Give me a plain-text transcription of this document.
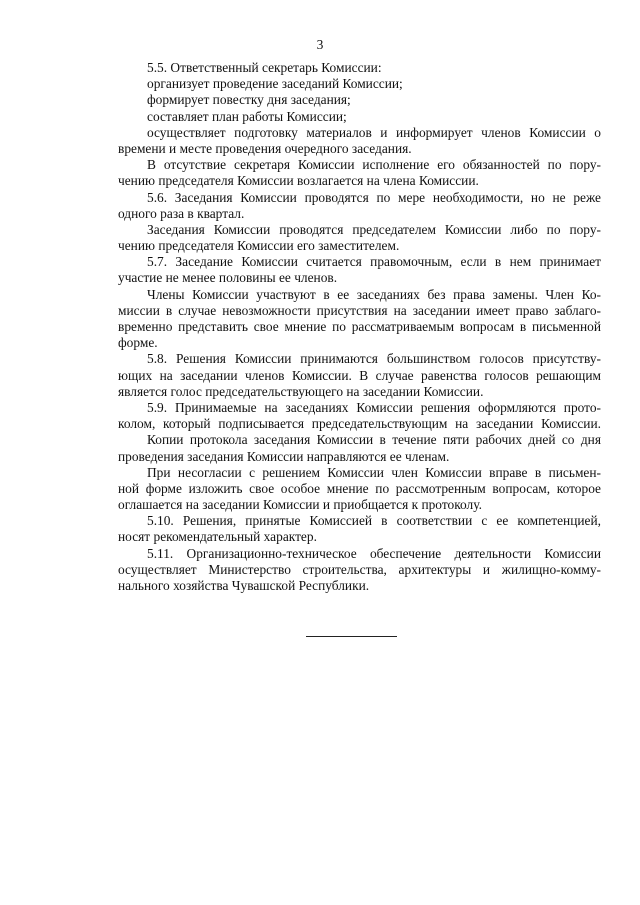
3
5.5. Ответственный секретарь Комиссии:
организует проведение заседаний Комиссии;
формирует повестку дня заседания;
составляет план работы Комиссии;
осуществляет подготовку материалов и информирует членов Комиссии о
времени и месте проведения очередного заседания.
В отсутствие секретаря Комиссии исполнение его обязанностей по пору-
чению председателя Комиссии возлагается на члена Комиссии.
5.6. Заседания Комиссии проводятся по мере необходимости, но не реже
одного раза в квартал.
Заседания Комиссии проводятся председателем Комиссии либо по пору-
чению председателя Комиссии его заместителем.
5.7. Заседание Комиссии считается правомочным, если в нем принимает
участие не менее половины ее членов.
Члены Комиссии участвуют в ее заседаниях без права замены. Член Ко-
миссии в случае невозможности присутствия на заседании имеет право заблаго-
временно представить свое мнение по рассматриваемым вопросам в письменной
форме.
5.8. Решения Комиссии принимаются большинством голосов присутству-
ющих на заседании членов Комиссии. В случае равенства голосов решающим
является голос председательствующего на заседании Комиссии.
5.9. Принимаемые на заседаниях Комиссии решения оформляются прото-
колом, который подписывается председательствующим на заседании Комиссии.
Копии протокола заседания Комиссии в течение пяти рабочих дней со дня
проведения заседания Комиссии направляются ее членам.
При несогласии с решением Комиссии член Комиссии вправе в письмен-
ной форме изложить свое особое мнение по рассмотренным вопросам, которое
оглашается на заседании Комиссии и приобщается к протоколу.
5.10. Решения, принятые Комиссией в соответствии с ее компетенцией,
носят рекомендательный характер.
5.11. Организационно-техническое обеспечение деятельности Комиссии
осуществляет Министерство строительства, архитектуры и жилищно-комму-
нального хозяйства Чувашской Республики.
